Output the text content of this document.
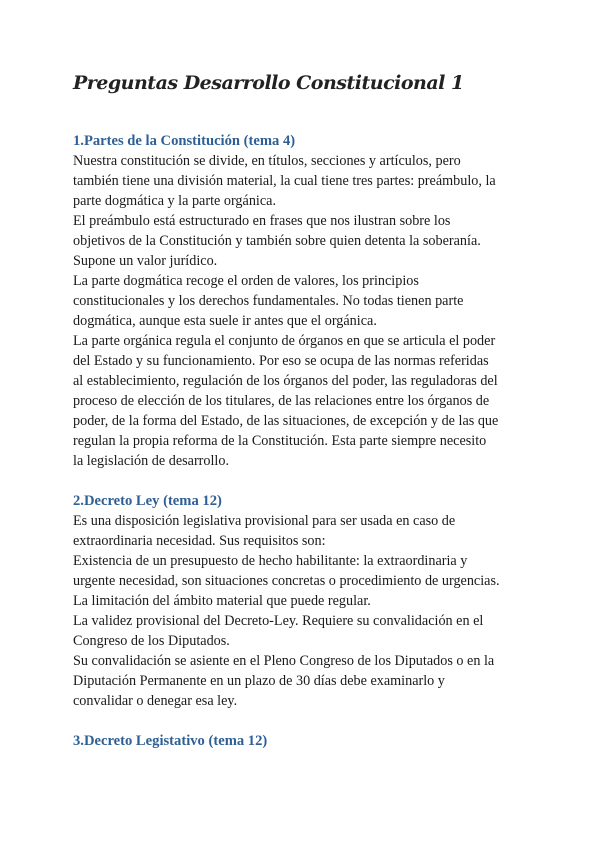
Preguntas Desarrollo Constitucional 1
1.Partes de la Constitución (tema 4)

Nuestra constitución se divide, en títulos, secciones y artículos, pero
también tiene una división material, la cual tiene tres partes: preámbulo, la
parte dogmática y la parte orgánica.

El preámbulo está estructurado en frases que nos ilustran sobre los
objetivos de la Constitución y también sobre quien detenta la soberanía.
Supone un valor jurídico.

La parte dogmática recoge el orden de valores, los principios
constitucionales y los derechos fundamentales. No todas tienen parte
dogmática, aunque esta suele ir antes que el orgánica.

La parte orgánica regula el conjunto de órganos en que se articula el poder
del Estado y su funcionamiento. Por eso se ocupa de las normas referidas
al establecimiento, regulación de los órganos del poder, las reguladoras del
proceso de elección de los titulares, de las relaciones entre los órganos de
poder, de la forma del Estado, de las situaciones, de excepción y de las que
regulan la propia reforma de la Constitución. Esta parte siempre necesito
la legislación de desarrollo.

2.Decreto Ley (tema 12)

Es una disposición legislativa provisional para ser usada en caso de
extraordinaria necesidad. Sus requisitos son:

Existencia de un presupuesto de hecho habilitante: la extraordinaria y
urgente necesidad, son situaciones concretas o procedimiento de urgencias.

La limitación del ámbito material que puede regular.

La validez provisional del Decreto-Ley. Requiere su convalidación en el
Congreso de los Diputados.

Su convalidación se asiente en el Pleno Congreso de los Diputados o en la
Diputación Permanente en un plazo de 30 días debe examinarlo y
convalidar o denegar esa ley.

3.Decreto Legistativo (tema 12)
